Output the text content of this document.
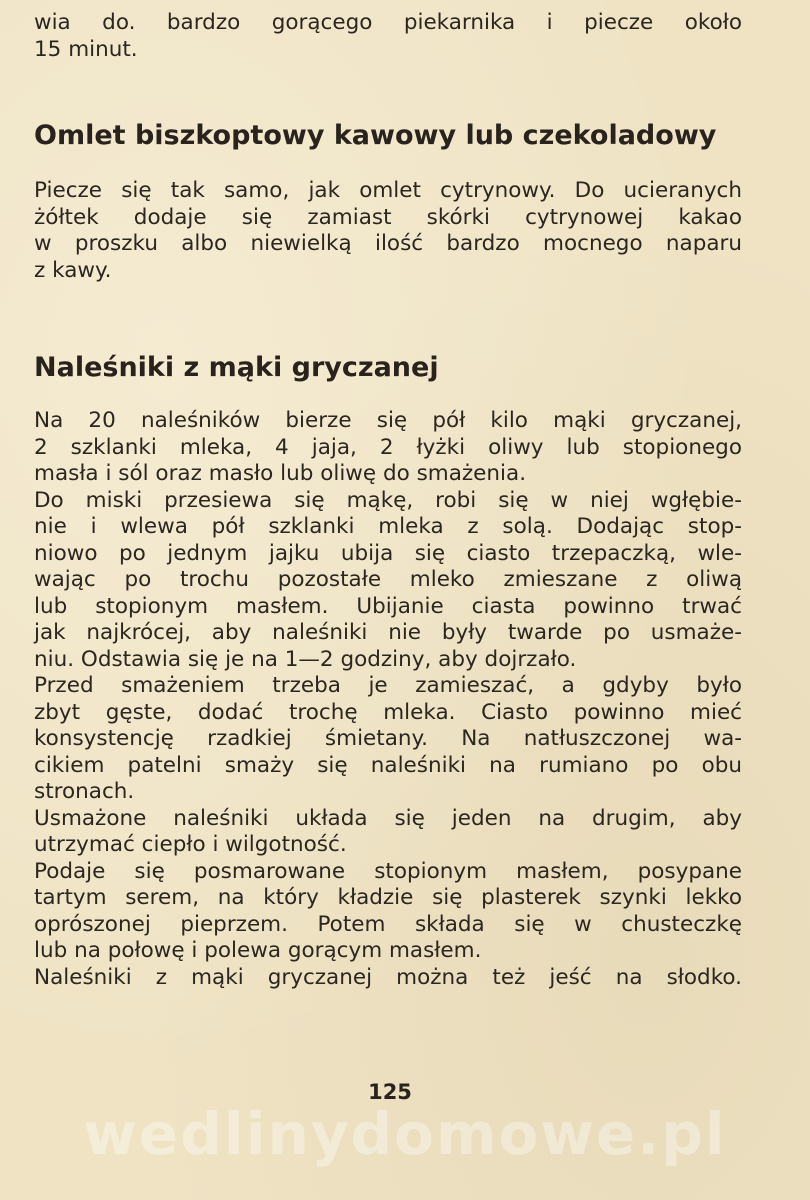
wia do. bardzo gorącego piekarnika i piecze około
15 minut.
Omlet biszkoptowy kawowy lub czekoladowy
Piecze się tak samo, jak omlet cytrynowy. Do ucieranych
żółtek dodaje się zamiast skórki cytrynowej kakao
w proszku albo niewielką ilość bardzo mocnego naparu
z kawy.
Naleśniki z mąki gryczanej
Na 20 naleśników bierze się pół kilo mąki gryczanej,
2 szklanki mleka, 4 jaja, 2 łyżki oliwy lub stopionego
masła i sól oraz masło lub oliwę do smażenia.
Do miski przesiewa się mąkę, robi się w niej wgłębie-
nie i wlewa pół szklanki mleka z solą. Dodając stop-
niowo po jednym jajku ubija się ciasto trzepaczką, wle-
wając po trochu pozostałe mleko zmieszane z oliwą
lub stopionym masłem. Ubijanie ciasta powinno trwać
jak najkrócej, aby naleśniki nie były twarde po usmaże-
niu. Odstawia się je na 1—2 godziny, aby dojrzało.
Przed smażeniem trzeba je zamieszać, a gdyby było
zbyt gęste, dodać trochę mleka. Ciasto powinno mieć
konsystencję rzadkiej śmietany. Na natłuszczonej wa-
cikiem patelni smaży się naleśniki na rumiano po obu
stronach.
Usmażone naleśniki układa się jeden na drugim, aby
utrzymać ciepło i wilgotność.
Podaje się posmarowane stopionym masłem, posypane
tartym serem, na który kładzie się plasterek szynki lekko
oprószonej pieprzem. Potem składa się w chusteczkę
lub na połowę i polewa gorącym masłem.
Naleśniki z mąki gryczanej można też jeść na słodko.
125
wedlinydomowe.pl
